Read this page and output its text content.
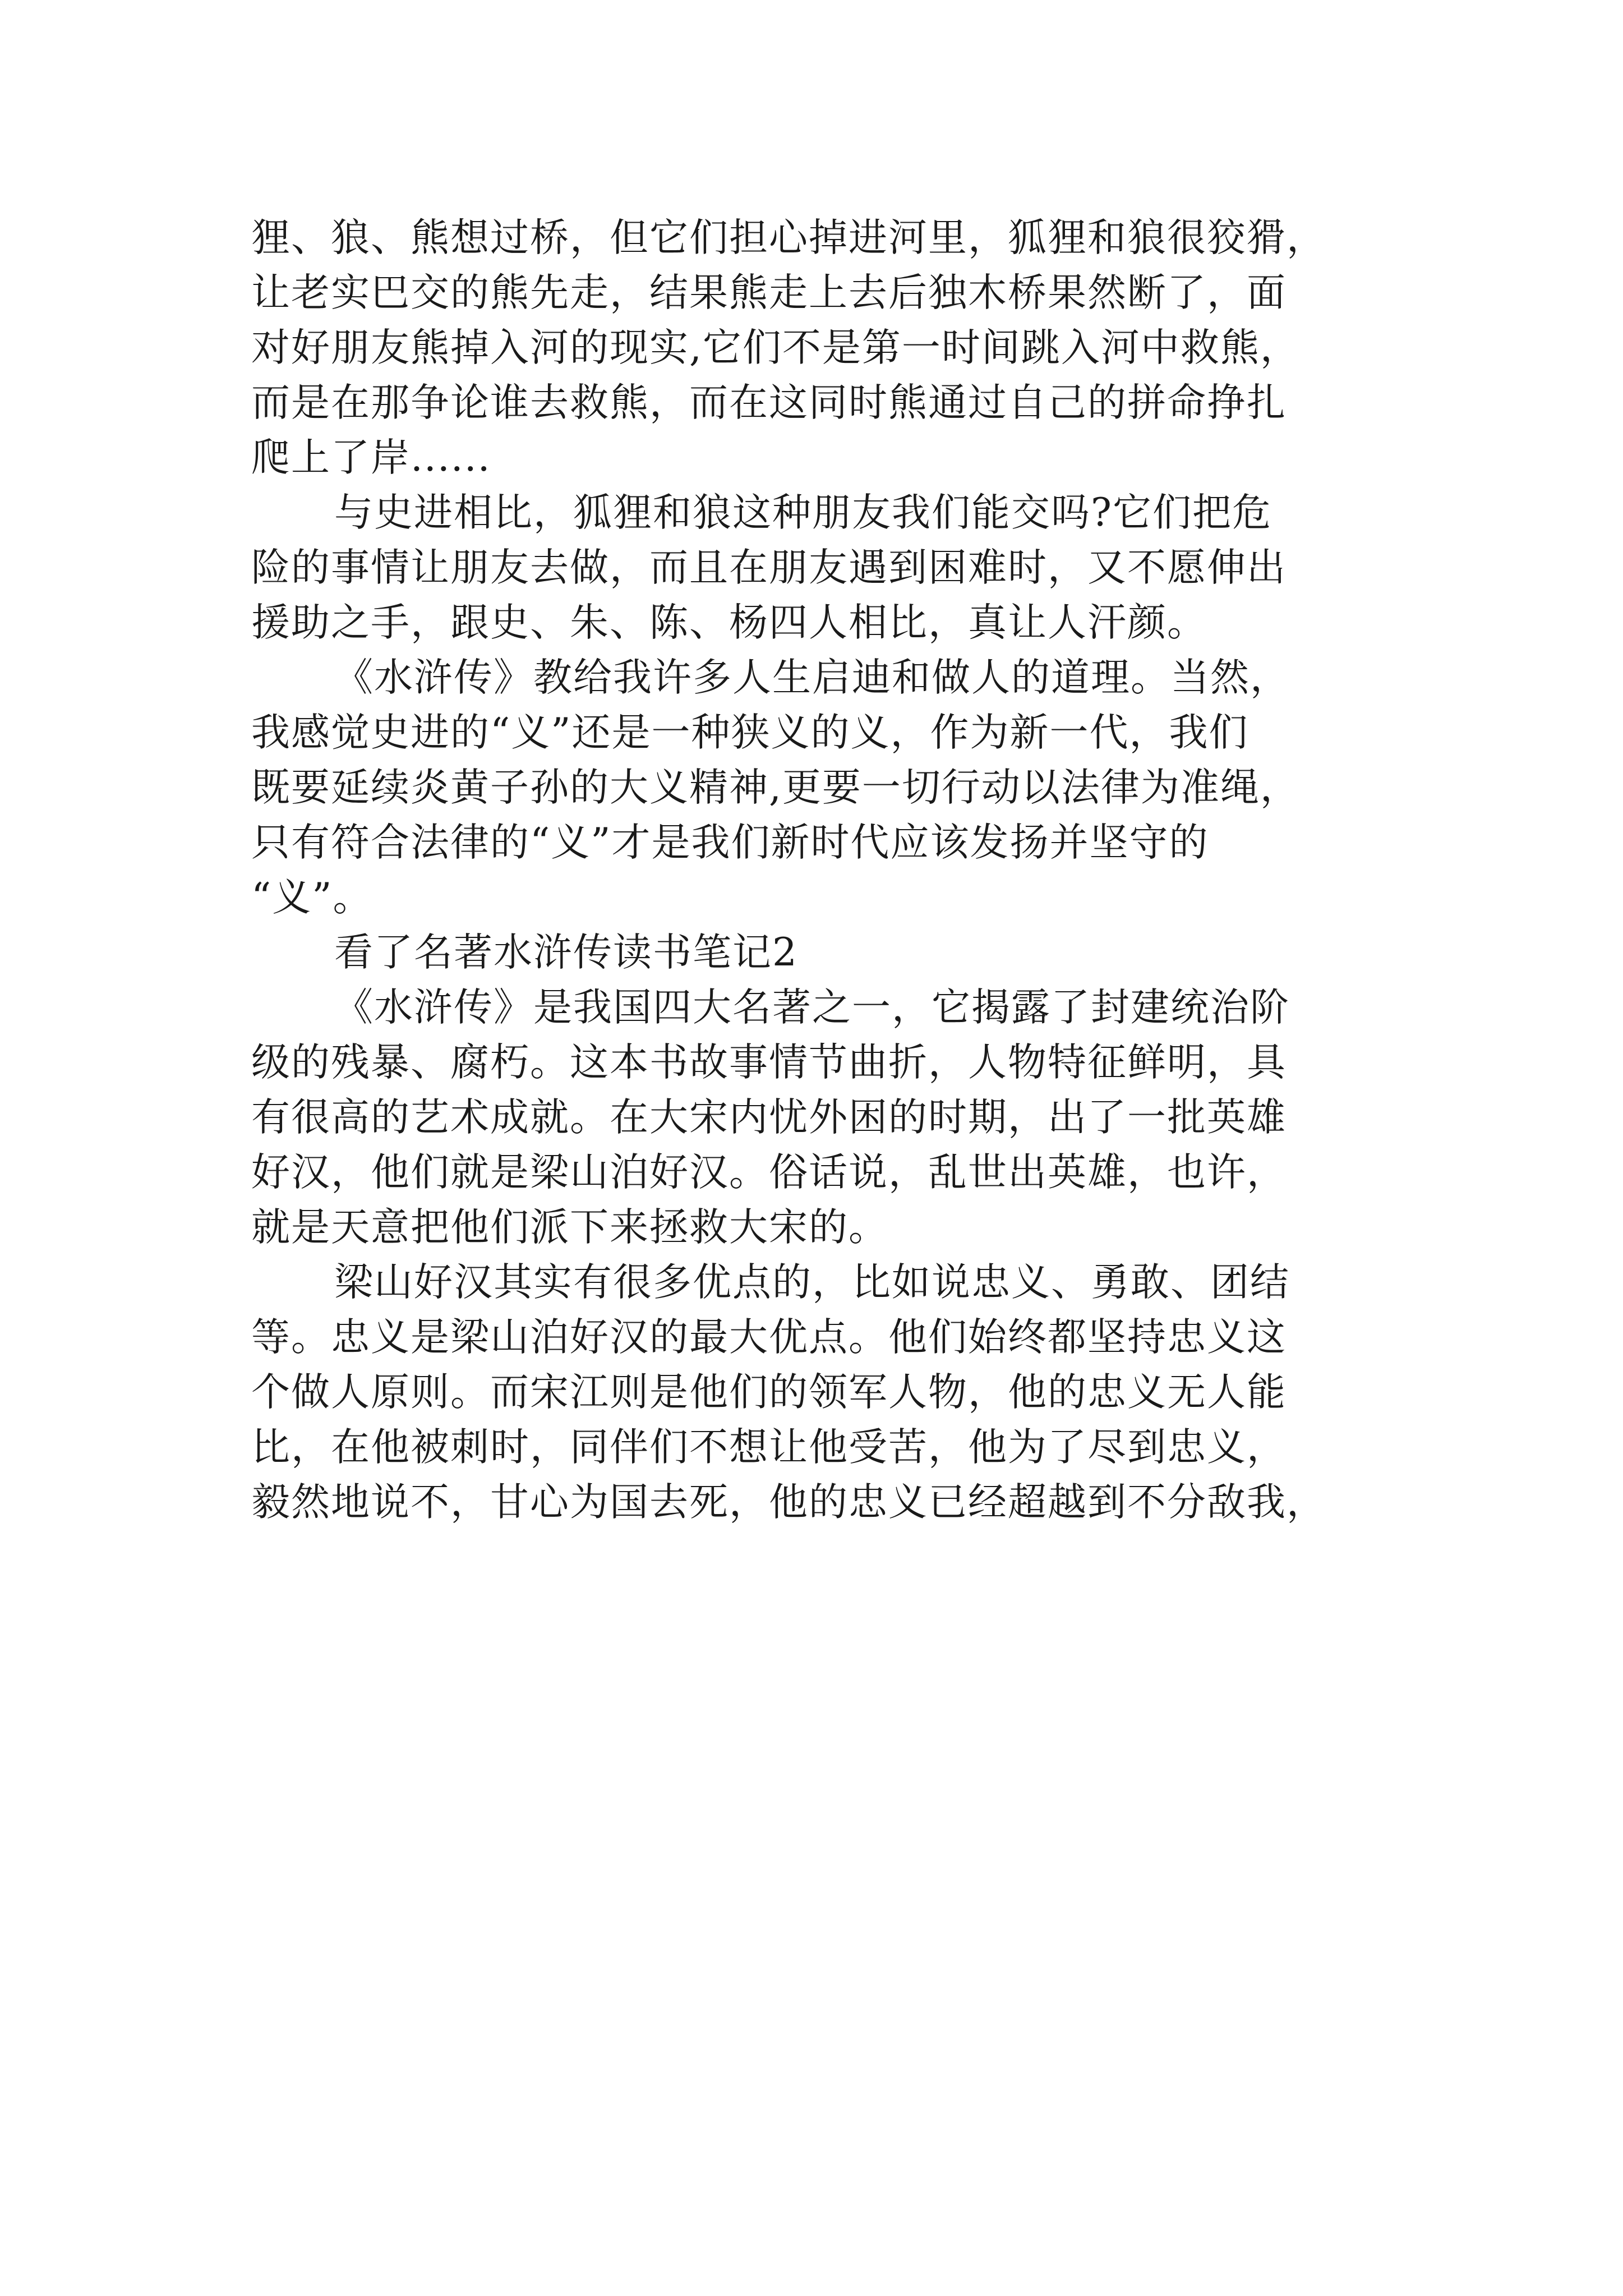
狸、狼、熊想过桥，但它们担心掉进河里，狐狸和狼很狡猾，
让老实巴交的熊先走，结果熊走上去后独木桥果然断了，面
对好朋友熊掉入河的现实,它们不是第一时间跳入河中救熊，
而是在那争论谁去救熊，而在这同时熊通过自己的拼命挣扎
爬上了岸......
与史进相比，狐狸和狼这种朋友我们能交吗?它们把危
险的事情让朋友去做，而且在朋友遇到困难时，又不愿伸出
援助之手，跟史、朱、陈、杨四人相比，真让人汗颜。
《水浒传》教给我许多人生启迪和做人的道理。当然，
我感觉史进的“义”还是一种狭义的义，作为新一代，我们
既要延续炎黄子孙的大义精神,更要一切行动以法律为准绳，
只有符合法律的“义”才是我们新时代应该发扬并坚守的
“义”。
看了名著水浒传读书笔记2
《水浒传》是我国四大名著之一，它揭露了封建统治阶
级的残暴、腐朽。这本书故事情节曲折，人物特征鲜明，具
有很高的艺术成就。在大宋内忧外困的时期，出了一批英雄
好汉，他们就是梁山泊好汉。俗话说，乱世出英雄，也许，
就是天意把他们派下来拯救大宋的。
梁山好汉其实有很多优点的，比如说忠义、勇敢、团结
等。忠义是梁山泊好汉的最大优点。他们始终都坚持忠义这
个做人原则。而宋江则是他们的领军人物，他的忠义无人能
比，在他被刺时，同伴们不想让他受苦，他为了尽到忠义，
毅然地说不，甘心为国去死，他的忠义已经超越到不分敌我，
